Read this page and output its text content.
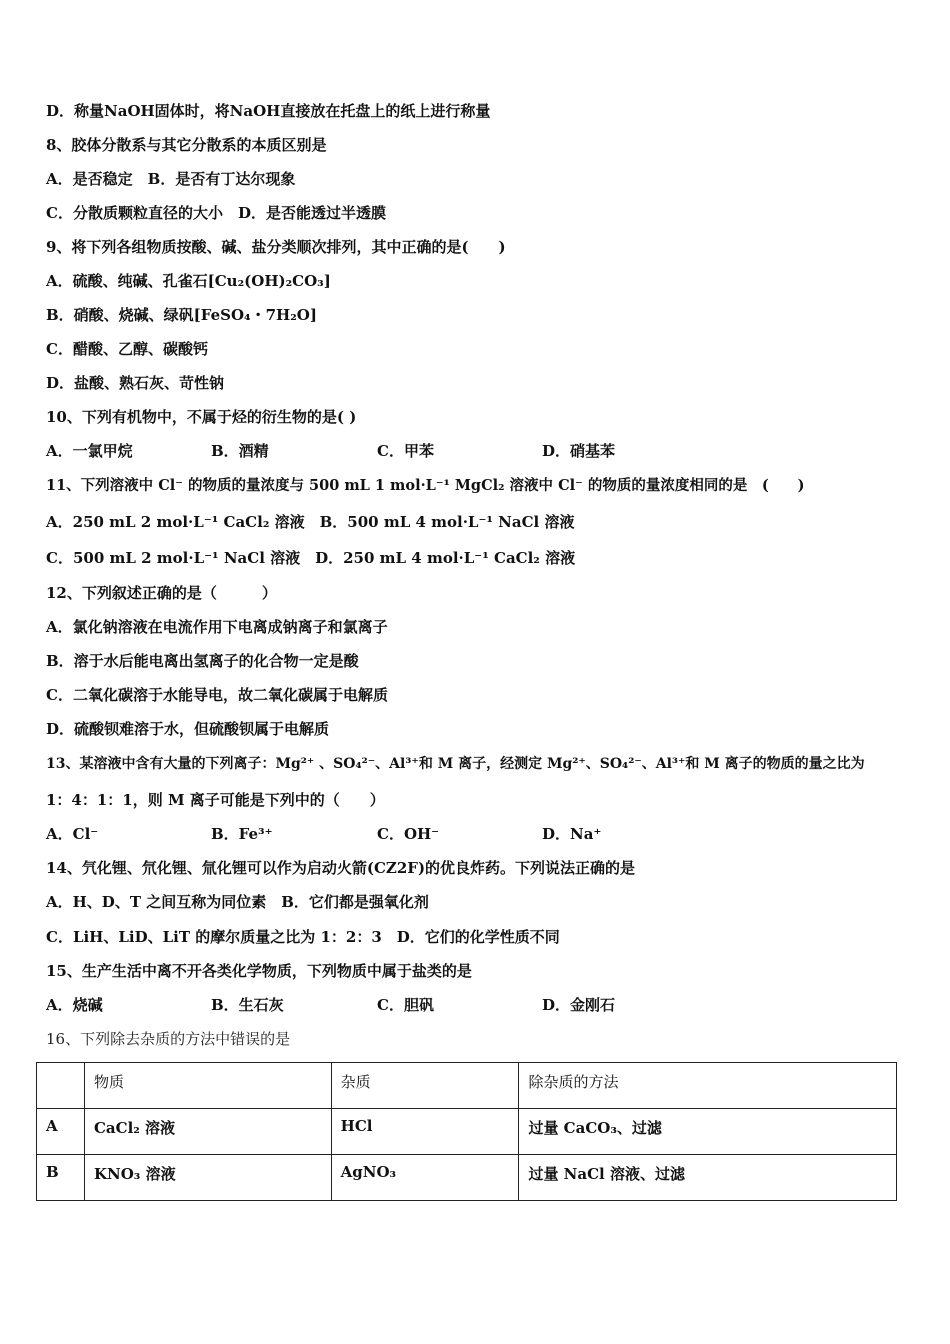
D．称量NaOH固体时，将NaOH直接放在托盘上的纸上进行称量
8、胶体分散系与其它分散系的本质区别是
A．是否稳定　B．是否有丁达尔现象
C．分散质颗粒直径的大小　D．是否能透过半透膜
9、将下列各组物质按酸、碱、盐分类顺次排列，其中正确的是(　　)
A．硫酸、纯碱、孔雀石[Cu₂(OH)₂CO₃]
B．硝酸、烧碱、绿矾[FeSO₄・7H₂O]
C．醋酸、乙醇、碳酸钙
D．盐酸、熟石灰、苛性钠
10、下列有机物中，不属于烃的衍生物的是( )
A．一氯甲烷	B．酒精	C．甲苯	D．硝基苯
11、下列溶液中 Cl⁻ 的物质的量浓度与 500 mL 1 mol·L⁻¹ MgCl₂ 溶液中 Cl⁻ 的物质的量浓度相同的是　(　　)
A．250 mL 2 mol·L⁻¹ CaCl₂ 溶液　B．500 mL 4 mol·L⁻¹ NaCl 溶液
C．500 mL 2 mol·L⁻¹ NaCl 溶液　D．250 mL 4 mol·L⁻¹ CaCl₂ 溶液
12、下列叙述正确的是（　　　）
A．氯化钠溶液在电流作用下电离成钠离子和氯离子
B．溶于水后能电离出氢离子的化合物一定是酸
C．二氧化碳溶于水能导电，故二氧化碳属于电解质
D．硫酸钡难溶于水，但硫酸钡属于电解质
13、某溶液中含有大量的下列离子：Mg²⁺ 、SO₄²⁻、Al³⁺和 M 离子，经测定 Mg²⁺、SO₄²⁻、Al³⁺和 M 离子的物质的量之比为
1：4：1：1，则 M 离子可能是下列中的（　　）
A．Cl⁻	B．Fe³⁺	C．OH⁻	D．Na⁺
14、氕化锂、氘化锂、氚化锂可以作为启动火箭(CZ2F)的优良炸药。下列说法正确的是
A．H、D、T 之间互称为同位素　B．它们都是强氧化剂
C．LiH、LiD、LiT 的摩尔质量之比为 1：2：3　D．它们的化学性质不同
15、生产生活中离不开各类化学物质，下列物质中属于盐类的是
A．烧碱	B．生石灰	C．胆矾	D．金刚石
16、下列除去杂质的方法中错误的是
	物质	杂质	除杂质的方法
A	CaCl₂ 溶液	HCl	过量 CaCO₃、过滤
B	KNO₃ 溶液	AgNO₃	过量 NaCl 溶液、过滤
